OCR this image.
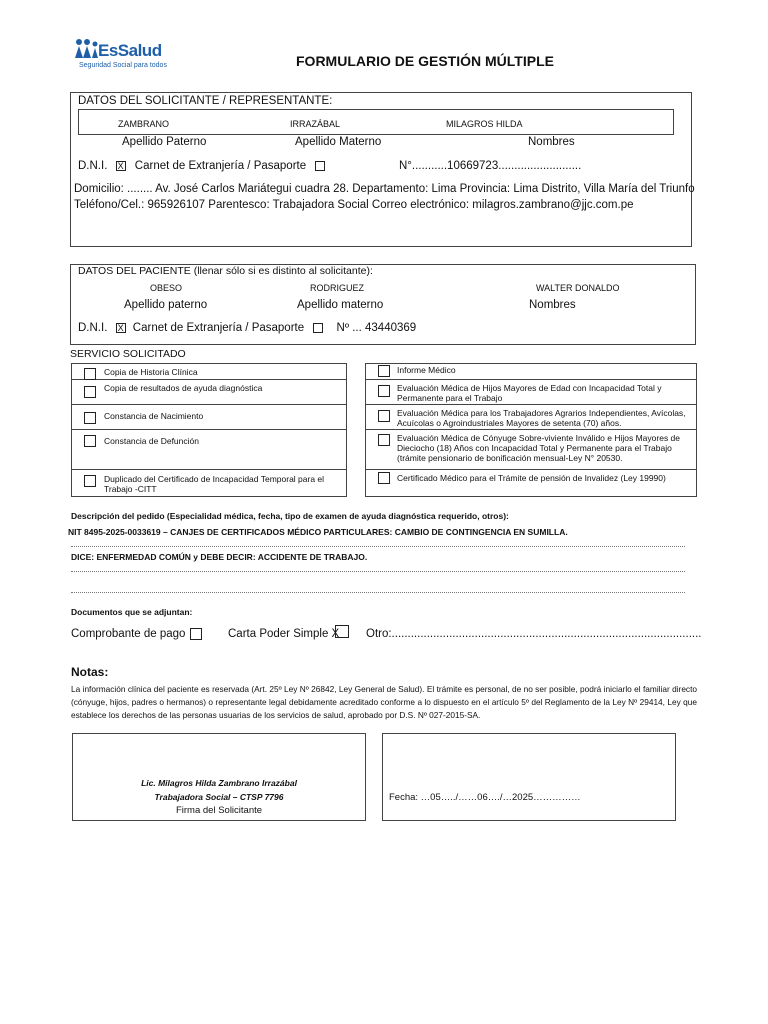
EsSalud
Seguridad Social para todos	FORMULARIO DE GESTIÓN MÚLTIPLE
DATOS DEL SOLICITANTE / REPRESENTANTE:
ZAMBRANO	IRRAZÁBAL	MILAGROS HILDA
Apellido Paterno	Apellido Materno	Nombres
D.N.I. X Carnet de Extranjería / Pasaporte	N°...........10669723..........................
Domicilio: ........ Av. José Carlos Mariátegui cuadra 28. Departamento: Lima Provincia: Lima Distrito, Villa María del Triunfo
Teléfono/Cel.: 965926107 Parentesco: Trabajadora Social Correo electrónico: milagros.zambrano@jjc.com.pe
DATOS DEL PACIENTE (llenar sólo si es distinto al solicitante):
OBESO	RODRIGUEZ	WALTER DONALDO
Apellido paterno	Apellido materno	Nombres
D.N.I. X Carnet de Extranjería / Pasaporte	Nº ... 43440369
SERVICIO SOLICITADO
Copia de Historia Clínica
Copia de resultados de ayuda diagnóstica
Constancia de Nacimiento
Constancia de Defunción
Duplicado del Certificado de Incapacidad Temporal para el Trabajo -CITT
Informe Médico
Evaluación Médica de Hijos Mayores de Edad con Incapacidad Total y Permanente para el Trabajo
Evaluación Médica para los Trabajadores Agrarios Independientes, Avícolas, Acuícolas o Agroindustriales Mayores de setenta (70) años.
Evaluación Médica de Cónyuge Sobre-viviente Inválido e Hijos Mayores de Dieciocho (18) Años con Incapacidad Total y Permanente para el Trabajo (trámite pensionario de bonificación mensual-Ley N° 20530.
Certificado Médico para el Trámite de pensión de Invalidez (Ley 19990)
Descripción del pedido (Especialidad médica, fecha, tipo de examen de ayuda diagnóstica requerido, otros):
NIT 8495-2025-0033619 – CANJES DE CERTIFICADOS MÉDICO PARTICULARES: CAMBIO DE CONTINGENCIA EN SUMILLA.
DICE: ENFERMEDAD COMÚN y DEBE DECIR: ACCIDENTE DE TRABAJO.
Documentos que se adjuntan:
Comprobante de pago	Carta Poder Simple X Otro:.................................................................................................
Notas:
La información clínica del paciente es reservada (Art. 25º Ley Nº 26842, Ley General de Salud). El trámite es personal, de no ser posible, podrá iniciarlo el familiar directo (cónyuge, hijos, padres o hermanos) o representante legal debidamente acreditado conforme a lo dispuesto en el artículo 5º del Reglamento de la Ley Nº 29414, Ley que establece los derechos de las personas usuarias de los servicios de salud, aprobado por D.S. Nº 027-2015-SA.
Lic. Milagros Hilda Zambrano Irrazábal
Trabajadora Social – CTSP 7796
Firma del Solicitante
Fecha: …05…../……06…./…2025……………
